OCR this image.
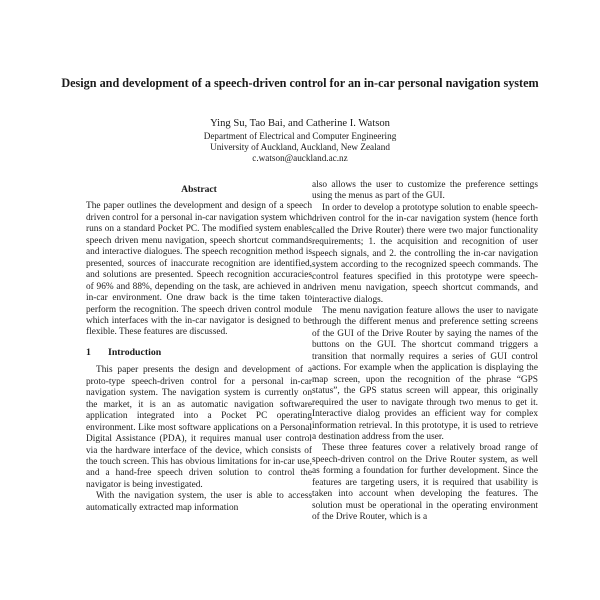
Design and development of a speech-driven control for an in-car personal navigation system
Ying Su, Tao Bai, and Catherine I. Watson
Department of Electrical and Computer Engineering
University of Auckland, Auckland, New Zealand
c.watson@auckland.ac.nz

Abstract

The paper outlines the development and design of a speech driven control for a personal in-car navigation system which runs on a standard Pocket PC. The modified system enables speech driven menu navigation, speech shortcut commands and interactive dialogues. The speech recognition method is presented, sources of inaccurate recognition are identified, and solutions are presented. Speech recognition accuracies of 96% and 88%, depending on the task, are achieved in an in-car environment. One draw back is the time taken to perform the recognition. The speech driven control module which interfaces with the in-car navigator is designed to be flexible. These features are discussed.

1 Introduction

This paper presents the design and development of a proto-type speech-driven control for a personal in-car navigation system. The navigation system is currently on the market, it is an as automatic navigation software application integrated into a Pocket PC operating environment. Like most software applications on a Personal Digital Assistance (PDA), it requires manual user control via the hardware interface of the device, which consists of the touch screen. This has obvious limitations for in-car use, and a hand-free speech driven solution to control the navigator is being investigated.

With the navigation system, the user is able to access automatically extracted map information

also allows the user to customize the preference settings using the menus as part of the GUI.

In order to develop a prototype solution to enable speech-driven control for the in-car navigation system (hence forth called the Drive Router) there were two major functionality requirements; 1. the acquisition and recognition of user speech signals, and 2. the controlling the in-car navigation system according to the recognized speech commands. The control features specified in this prototype were speech-driven menu navigation, speech shortcut commands, and interactive dialogs.

The menu navigation feature allows the user to navigate through the different menus and preference setting screens of the GUI of the Drive Router by saying the names of the buttons on the GUI. The shortcut command triggers a transition that normally requires a series of GUI control actions. For example when the application is displaying the map screen, upon the recognition of the phrase “GPS status”, the GPS status screen will appear, this originally required the user to navigate through two menus to get it. Interactive dialog provides an efficient way for complex information retrieval. In this prototype, it is used to retrieve a destination address from the user.

These three features cover a relatively broad range of speech-driven control on the Drive Router system, as well as forming a foundation for further development. Since the features are targeting users, it is required that usability is taken into account when developing the features. The solution must be operational in the operating environment of the Drive Router, which is a
